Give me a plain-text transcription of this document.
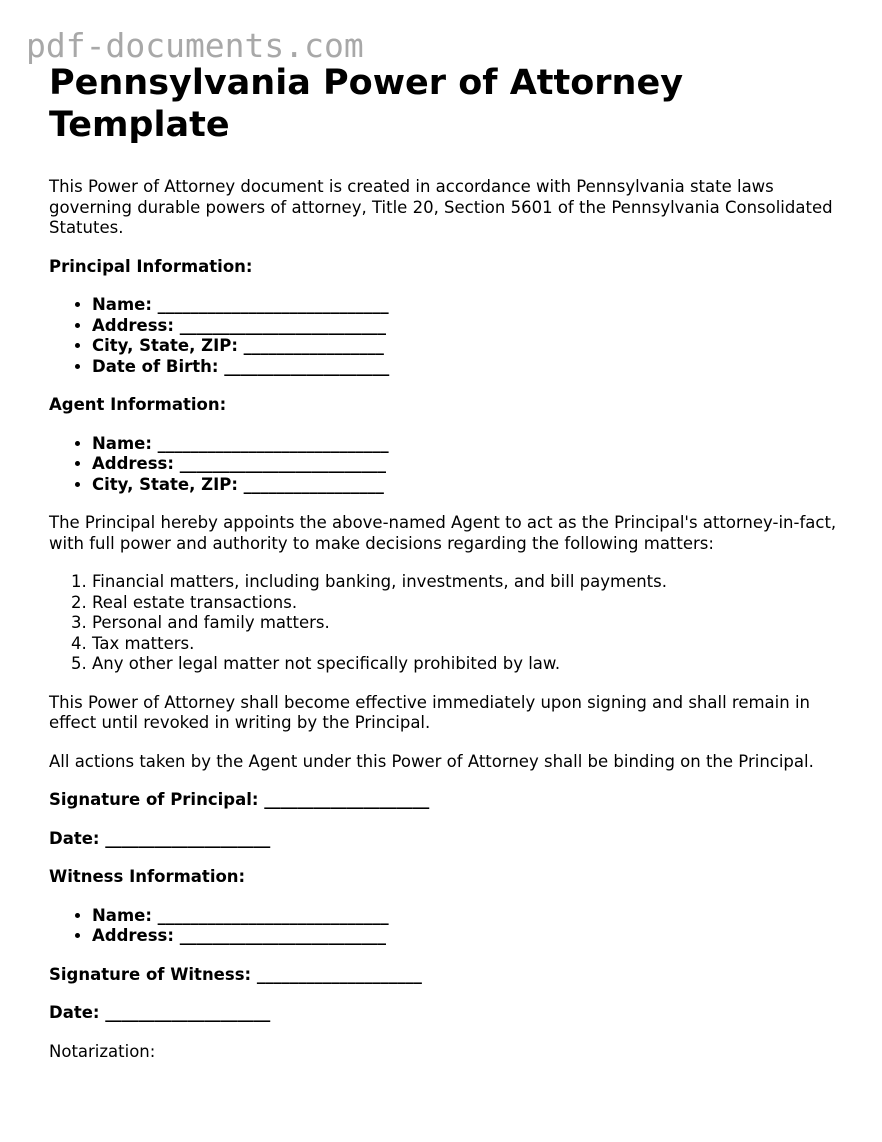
pdf-documents.com
Pennsylvania Power of Attorney Template

This Power of Attorney document is created in accordance with Pennsylvania state laws governing durable powers of attorney, Title 20, Section 5601 of the Pennsylvania Consolidated Statutes.

Principal Information:

• Name: ____________________________
• Address: _________________________
• City, State, ZIP: _________________
• Date of Birth: ____________________

Agent Information:

• Name: ____________________________
• Address: _________________________
• City, State, ZIP: _________________

The Principal hereby appoints the above-named Agent to act as the Principal's attorney-in-fact, with full power and authority to make decisions regarding the following matters:

1. Financial matters, including banking, investments, and bill payments.
2. Real estate transactions.
3. Personal and family matters.
4. Tax matters.
5. Any other legal matter not specifically prohibited by law.

This Power of Attorney shall become effective immediately upon signing and shall remain in effect until revoked in writing by the Principal.

All actions taken by the Agent under this Power of Attorney shall be binding on the Principal.

Signature of Principal: ____________________

Date: ____________________

Witness Information:

• Name: ____________________________
• Address: _________________________

Signature of Witness: ____________________

Date: ____________________

Notarization:
